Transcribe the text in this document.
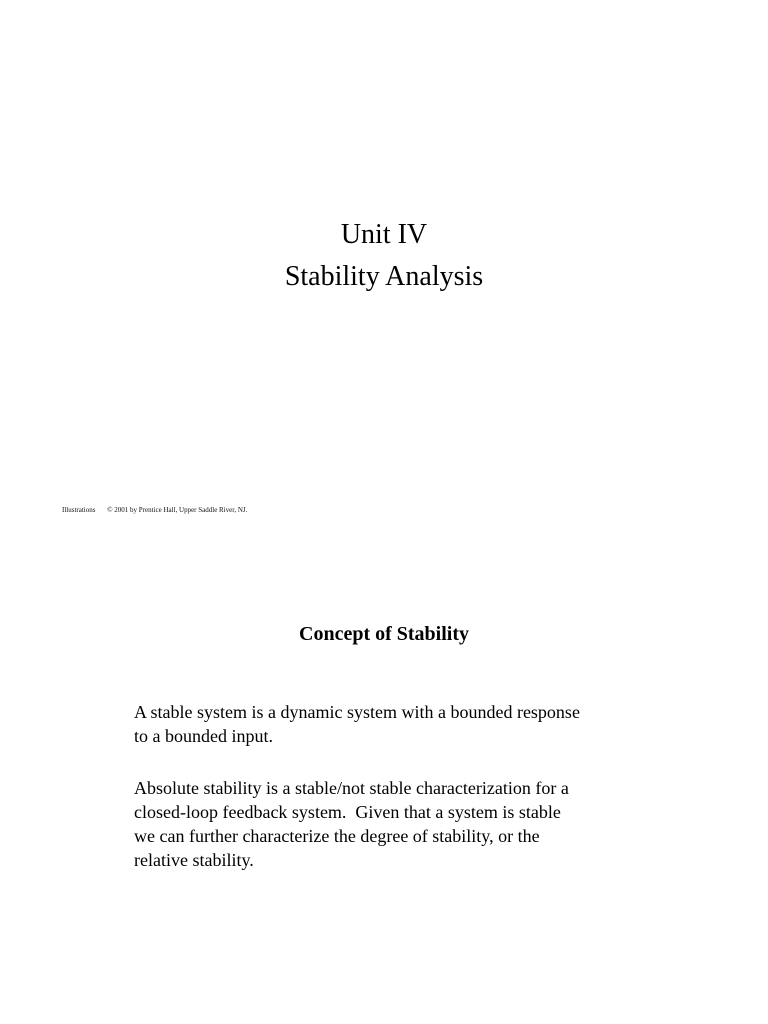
Unit IV
Stability Analysis
Illustrations © 2001 by Prentice Hall, Upper Saddle River, NJ.
Concept of Stability

A stable system is a dynamic system with a bounded response
to a bounded input.

Absolute stability is a stable/not stable characterization for a
closed-loop feedback system.  Given that a system is stable
we can further characterize the degree of stability, or the
relative stability.
